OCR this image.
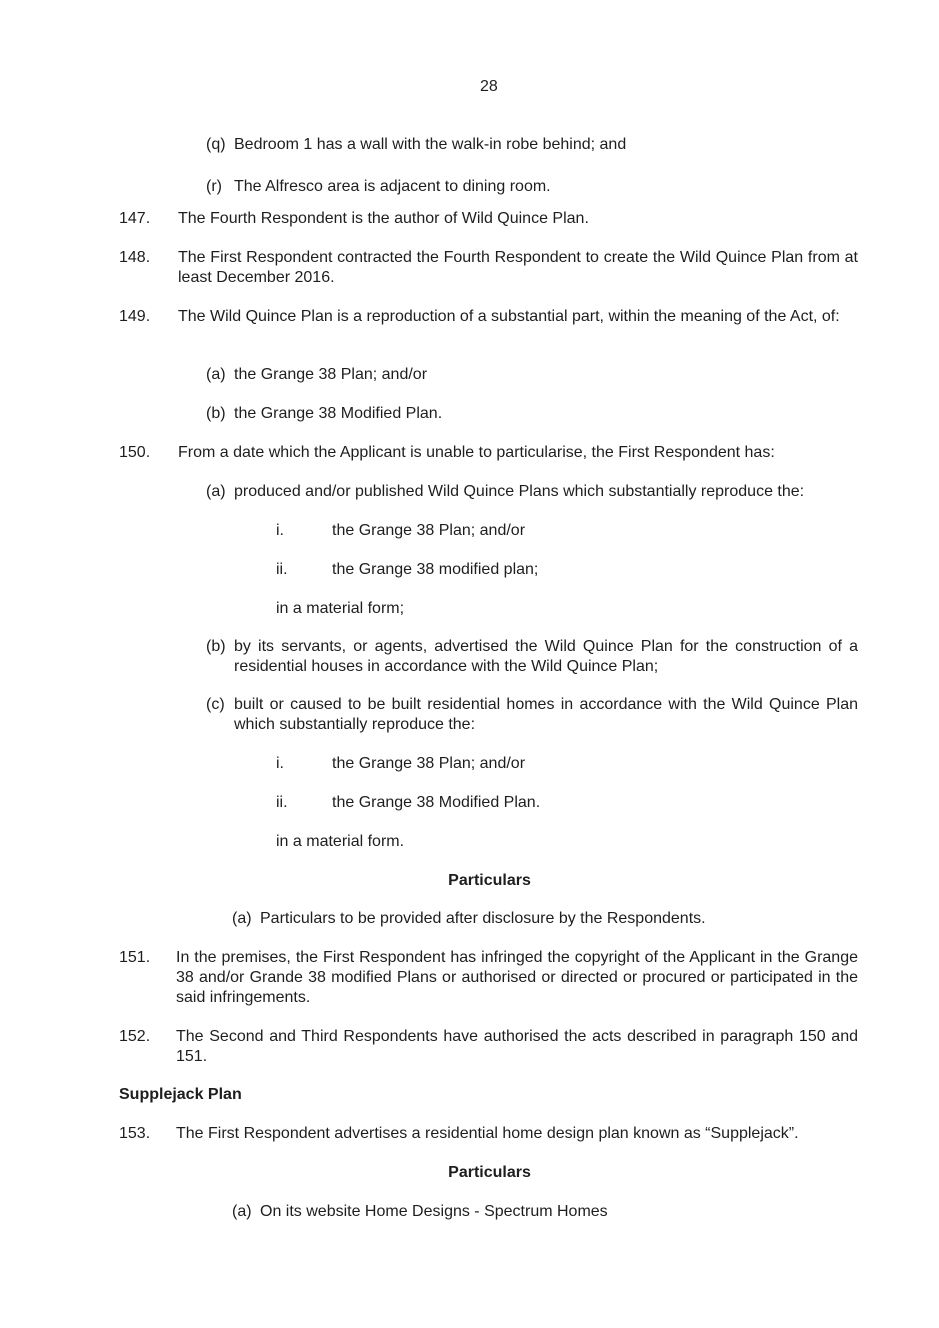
28
(q) Bedroom 1 has a wall with the walk-in robe behind; and
(r) The Alfresco area is adjacent to dining room.
147. The Fourth Respondent is the author of Wild Quince Plan.
148. The First Respondent contracted the Fourth Respondent to create the Wild Quince Plan from at least December 2016.
149. The Wild Quince Plan is a reproduction of a substantial part, within the meaning of the Act, of:
(a) the Grange 38 Plan; and/or
(b) the Grange 38 Modified Plan.
150. From a date which the Applicant is unable to particularise, the First Respondent has:
(a) produced and/or published Wild Quince Plans which substantially reproduce the:
i.	the Grange 38 Plan; and/or
ii.	the Grange 38 modified plan;
in a material form;
(b) by its servants, or agents, advertised the Wild Quince Plan for the construction of a residential houses in accordance with the Wild Quince Plan;
(c) built or caused to be built residential homes in accordance with the Wild Quince Plan which substantially reproduce the:
i.	the Grange 38 Plan; and/or
ii.	the Grange 38 Modified Plan.
in a material form.
Particulars
(a) Particulars to be provided after disclosure by the Respondents.
151. In the premises, the First Respondent has infringed the copyright of the Applicant in the Grange 38 and/or Grande 38 modified Plans or authorised or directed or procured or participated in the said infringements.
152. The Second and Third Respondents have authorised the acts described in paragraph 150 and 151.
Supplejack Plan
153. The First Respondent advertises a residential home design plan known as “Supplejack”.
Particulars
(a) On its website Home Designs - Spectrum Homes
